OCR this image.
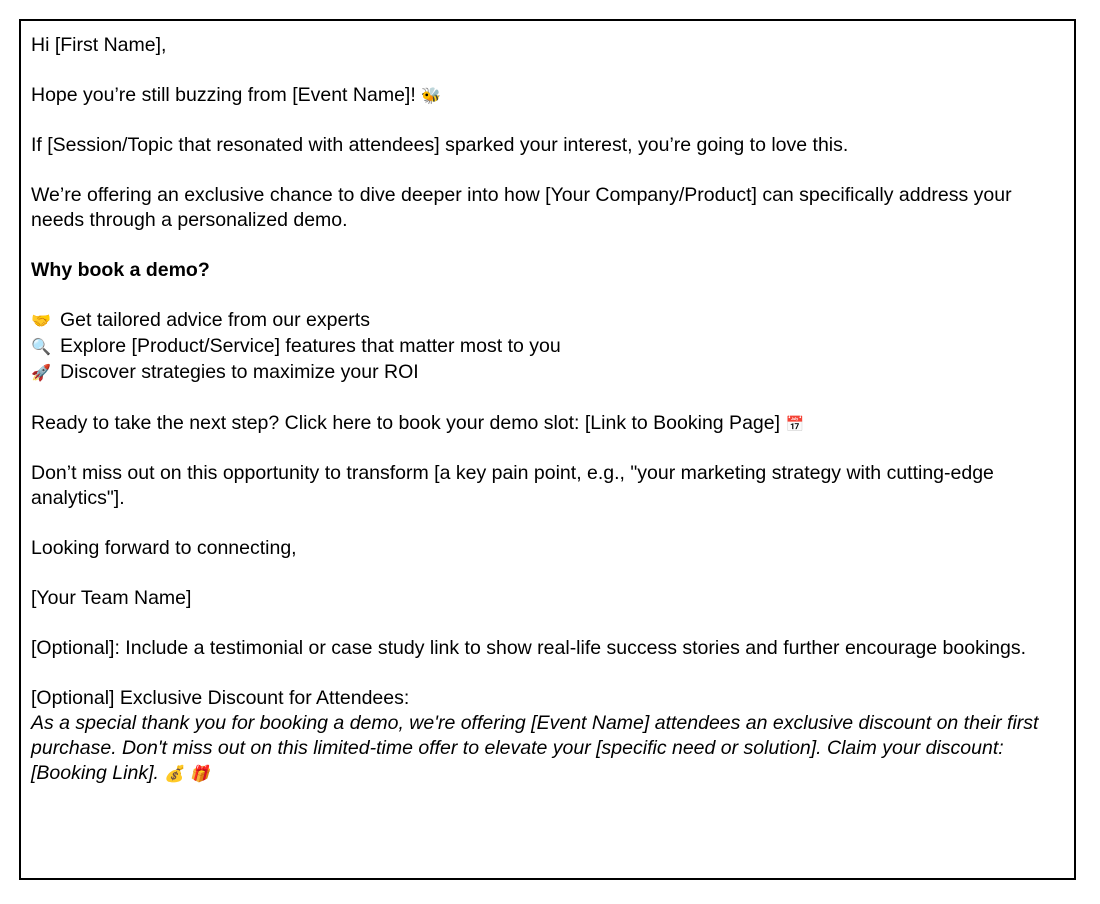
Hi [First Name],

Hope you’re still buzzing from [Event Name]! 🐝

If [Session/Topic that resonated with attendees] sparked your interest, you’re going to love this.

We’re offering an exclusive chance to dive deeper into how [Your Company/Product] can specifically address your needs through a personalized demo.

Why book a demo?

🤝 Get tailored advice from our experts
🔍 Explore [Product/Service] features that matter most to you
🚀 Discover strategies to maximize your ROI

Ready to take the next step? Click here to book your demo slot: [Link to Booking Page] 📅

Don’t miss out on this opportunity to transform [a key pain point, e.g., "your marketing strategy with cutting-edge analytics"].

Looking forward to connecting,

[Your Team Name]

[Optional]: Include a testimonial or case study link to show real-life success stories and further encourage bookings.

[Optional] Exclusive Discount for Attendees:

As a special thank you for booking a demo, we're offering [Event Name] attendees an exclusive discount on their first purchase. Don't miss out on this limited-time offer to elevate your [specific need or solution]. Claim your discount: [Booking Link]. 💰 🎁
